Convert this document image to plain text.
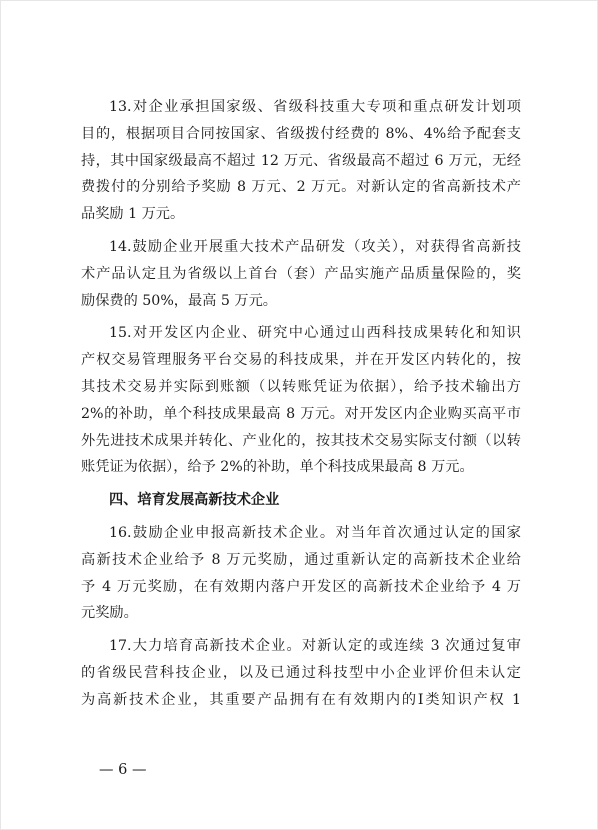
13.对企业承担国家级、省级科技重大专项和重点研发计划项
目的，根据项目合同按国家、省级拨付经费的 8%、4%给予配套支
持，其中国家级最高不超过 12 万元、省级最高不超过 6 万元，无经
费拨付的分别给予奖励 8 万元、2 万元。对新认定的省高新技术产
品奖励 1 万元。
14.鼓励企业开展重大技术产品研发（攻关），对获得省高新技
术产品认定且为省级以上首台（套）产品实施产品质量保险的，奖
励保费的 50%，最高 5 万元。
15.对开发区内企业、研究中心通过山西科技成果转化和知识
产权交易管理服务平台交易的科技成果，并在开发区内转化的，按
其技术交易并实际到账额（以转账凭证为依据），给予技术输出方
2%的补助，单个科技成果最高 8 万元。对开发区内企业购买高平市
外先进技术成果并转化、产业化的，按其技术交易实际支付额（以转
账凭证为依据），给予 2%的补助，单个科技成果最高 8 万元。
四、培育发展高新技术企业
16.鼓励企业申报高新技术企业。对当年首次通过认定的国家
高新技术企业给予 8 万元奖励，通过重新认定的高新技术企业给
予 4 万元奖励，在有效期内落户开发区的高新技术企业给予 4 万
元奖励。
17.大力培育高新技术企业。对新认定的或连续 3 次通过复审
的省级民营科技企业，以及已通过科技型中小企业评价但未认定
为高新技术企业，其重要产品拥有在有效期内的Ⅰ类知识产权 1
— 6 —
